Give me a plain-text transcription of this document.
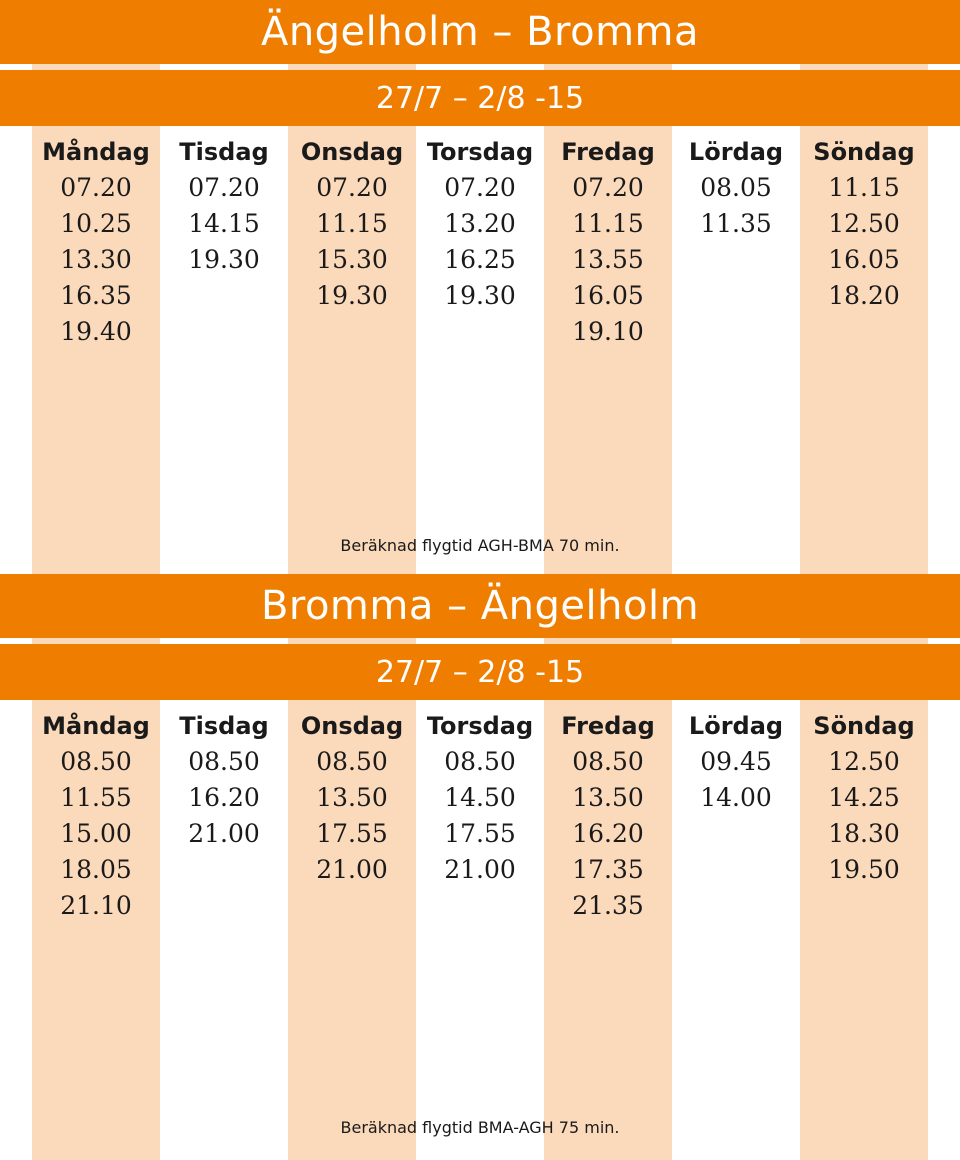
Ängelholm – Bromma
27/7 – 2/8 -15
Måndag
07.20
10.25
13.30
16.35
19.40
Tisdag
07.20
14.15
19.30
Onsdag
07.20
11.15
15.30
19.30
Torsdag
07.20
13.20
16.25
19.30
Fredag
07.20
11.15
13.55
16.05
19.10
Lördag
08.05
11.35
Söndag
11.15
12.50
16.05
18.20
Beräknad flygtid AGH-BMA 70 min.
Bromma – Ängelholm
27/7 – 2/8 -15
Måndag
08.50
11.55
15.00
18.05
21.10
Tisdag
08.50
16.20
21.00
Onsdag
08.50
13.50
17.55
21.00
Torsdag
08.50
14.50
17.55
21.00
Fredag
08.50
13.50
16.20
17.35
21.35
Lördag
09.45
14.00
Söndag
12.50
14.25
18.30
19.50
Beräknad flygtid BMA-AGH 75 min.
